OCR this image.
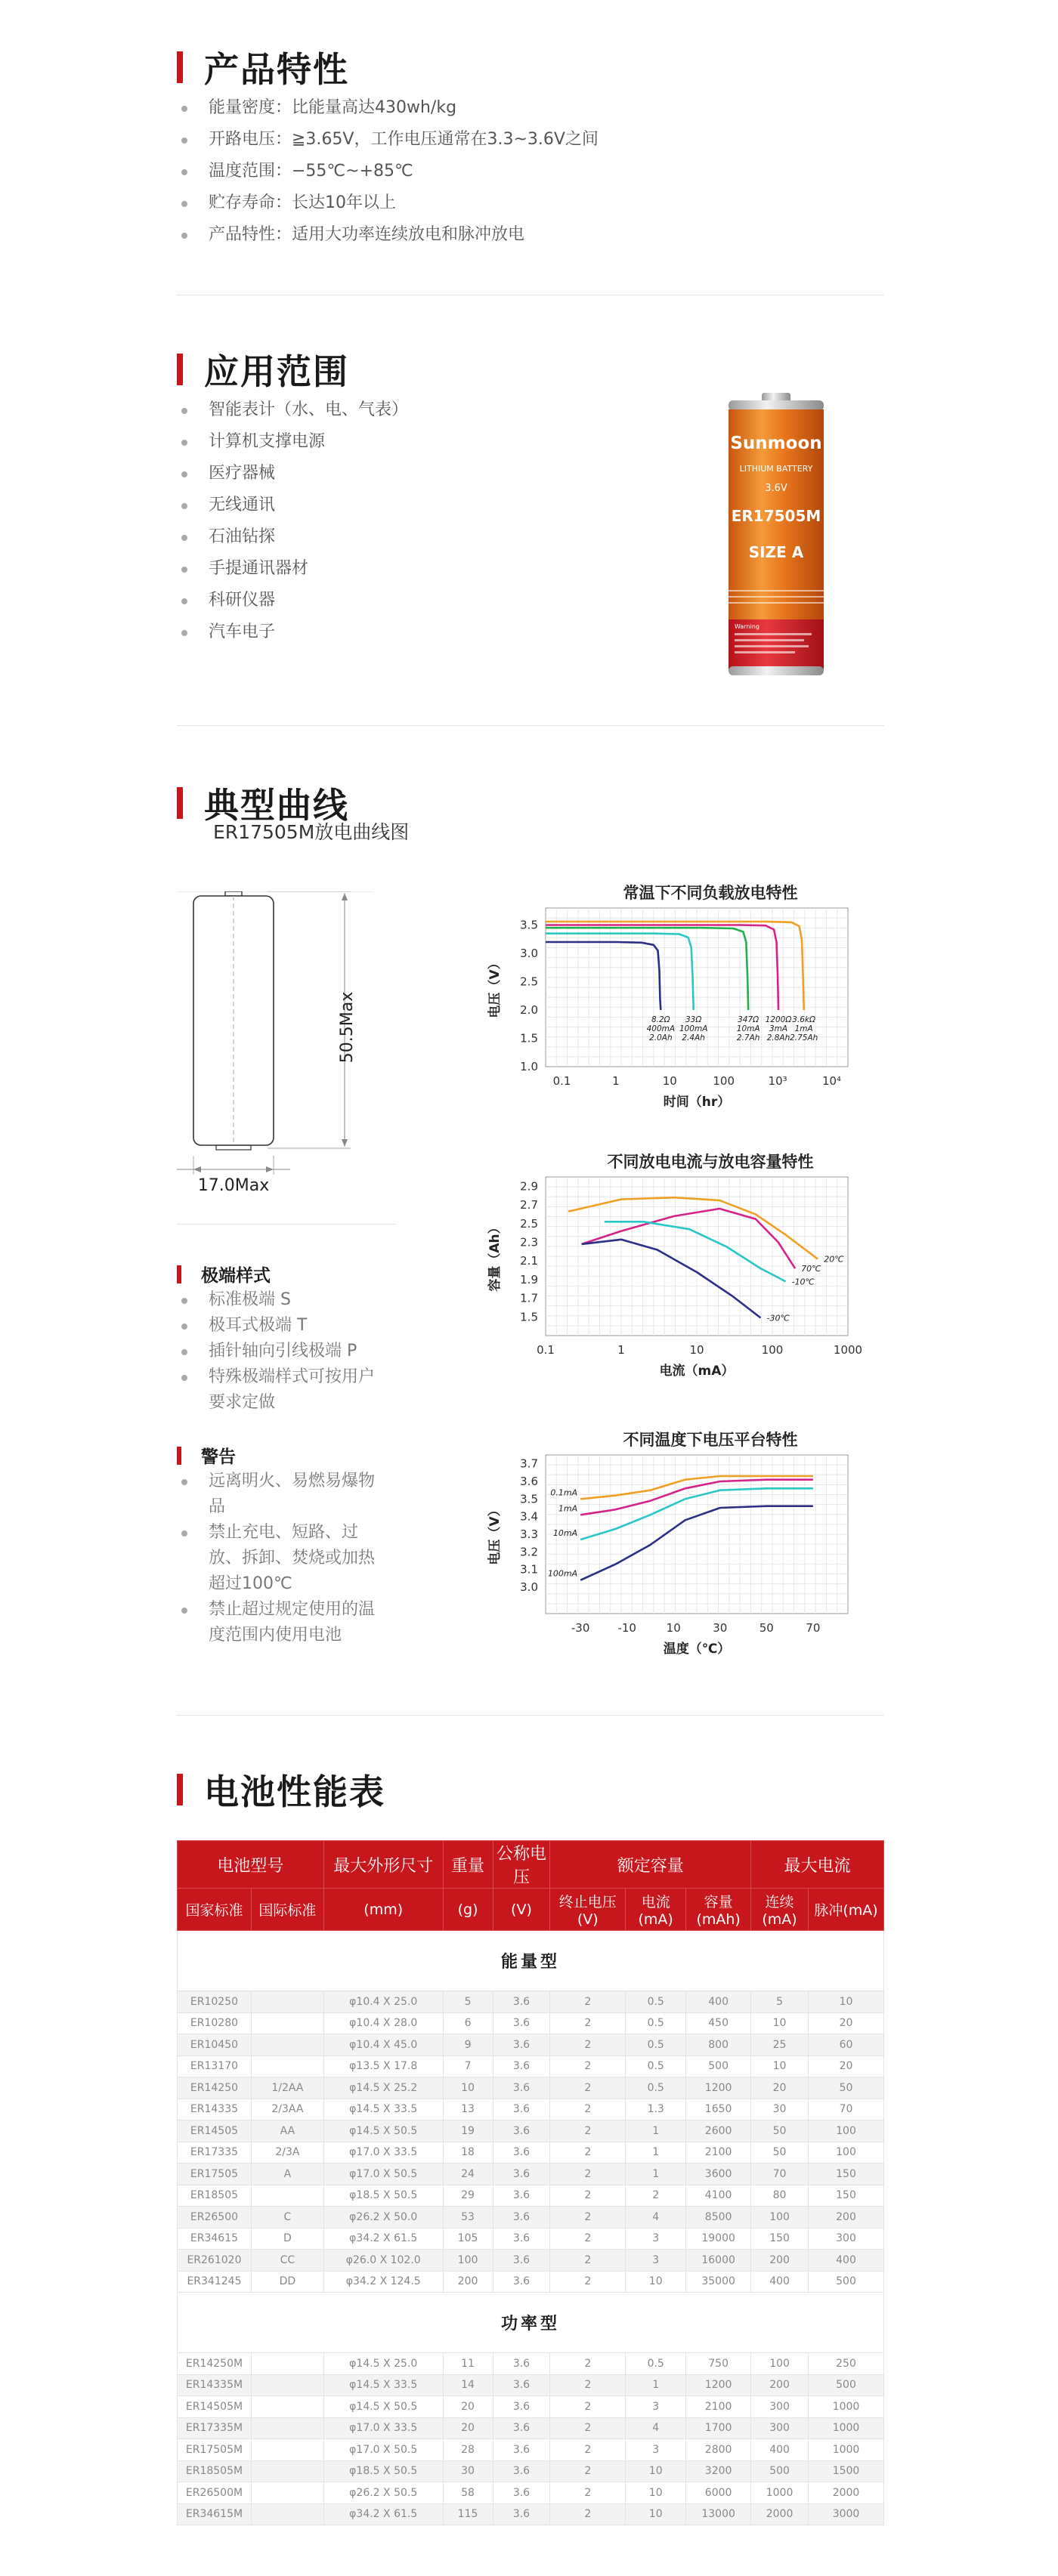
产品特性
能量密度：比能量高达430wh/kg
开路电压：≧3.65V，工作电压通常在3.3~3.6V之间
温度范围：−55℃~+85℃
贮存寿命：长达10年以上
产品特性：适用大功率连续放电和脉冲放电
应用范围
智能表计（水、电、气表）
计算机支撑电源
医疗器械
无线通讯
石油钻探
手提通讯器材
科研仪器
汽车电子
Sunmoon
LITHIUM BATTERY
3.6V
ER17505M
SIZE A
Warning
典型曲线
ER17505M放电曲线图
50.5Max
17.0Max
极端样式
标准极端 S
极耳式极端 T
插针轴向引线极端 P
特殊极端样式可按用户要求定做
警告
远离明火、易燃易爆物品
禁止充电、短路、过放、拆卸、焚烧或加热超过100℃
禁止超过规定使用的温度范围内使用电池
常温下不同负载放电特性
0.1	1	10	100	10³	10⁴
1.0
1.5
2.0
2.5
3.0
3.5
时间（hr）
电压（V）
8.2Ω
400mA
2.0Ah
33Ω
100mA
2.4Ah
347Ω
10mA
2.7Ah
1200Ω
3mA
2.8Ah
3.6kΩ
1mA
2.75Ah
不同放电电流与放电容量特性
0.1	1	10	100	1000
1.5
1.7
1.9
2.1
2.3
2.5
2.7
2.9
电流（mA）
容量（Ah）	20℃
70℃
-10℃
-30℃
不同温度下电压平台特性
-30 -10	10	30	50	70
3.0
3.1
3.2
3.3
3.4
3.5
3.6
3.7
温度（℃）
电压（V）
0.1mA
1mA
10mA
100mA
电池性能表
电池型号		最大外形尺寸	重量	公称电压	额定容量			最大电流	
国家标准	国际标准	(mm)	(g)	(V)	终止电压(V)	电流(mA)	容量(mAh)	连续(mA)	脉冲(mA)
能量型									
ER10250		φ10.4 X 25.0	5	3.6	2	0.5	400	5	10
ER10280		φ10.4 X 28.0	6	3.6	2	0.5	450	10	20
ER10450		φ10.4 X 45.0	9	3.6	2	0.5	800	25	60
ER13170		φ13.5 X 17.8	7	3.6	2	0.5	500	10	20
ER14250	1/2AA	φ14.5 X 25.2	10	3.6	2	0.5	1200	20	50
ER14335	2/3AA	φ14.5 X 33.5	13	3.6	2	1.3	1650	30	70
ER14505	AA	φ14.5 X 50.5	19	3.6	2	1	2600	50	100
ER17335	2/3A	φ17.0 X 33.5	18	3.6	2	1	2100	50	100
ER17505	A	φ17.0 X 50.5	24	3.6	2	1	3600	70	150
ER18505		φ18.5 X 50.5	29	3.6	2	2	4100	80	150
ER26500	C	φ26.2 X 50.0	53	3.6	2	4	8500	100	200
ER34615	D	φ34.2 X 61.5	105	3.6	2	3	19000	150	300
ER261020	CC	φ26.0 X 102.0	100	3.6	2	3	16000	200	400
ER341245	DD	φ34.2 X 124.5	200	3.6	2	10	35000	400	500
功率型									
ER14250M		φ14.5 X 25.0	11	3.6	2	0.5	750	100	250
ER14335M		φ14.5 X 33.5	14	3.6	2	1	1200	200	500
ER14505M		φ14.5 X 50.5	20	3.6	2	3	2100	300	1000
ER17335M		φ17.0 X 33.5	20	3.6	2	4	1700	300	1000
ER17505M		φ17.0 X 50.5	28	3.6	2	3	2800	400	1000
ER18505M		φ18.5 X 50.5	30	3.6	2	10	3200	500	1500
ER26500M		φ26.2 X 50.5	58	3.6	2	10	6000	1000	2000
ER34615M		φ34.2 X 61.5	115	3.6	2	10	13000	2000	3000
